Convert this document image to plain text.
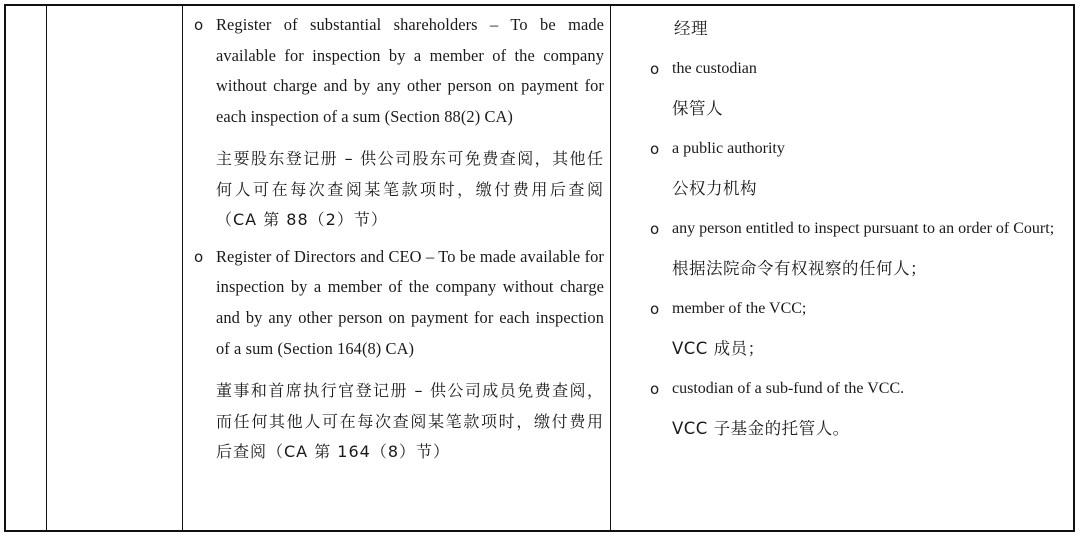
o Register of substantial shareholders – To be made available for inspection by a member of the company without charge and by any other person on payment for each inspection of a sum (Section 88(2) CA)
主要股东登记册 – 供公司股东可免费查阅，其他任何人可在每次查阅某笔款项时，缴付费用后查阅（CA 第 88（2）节）
o Register of Directors and CEO – To be made available for inspection by a member of the company without charge and by any other person on payment for each inspection of a sum (Section 164(8) CA)
董事和首席执行官登记册 – 供公司成员免费查阅，而任何其他人可在每次查阅某笔款项时，缴付费用后查阅（CA 第 164（8）节）
经理
o the custodian
保管人
o a public authority
公权力机构
o any person entitled to inspect pursuant to an order of Court;
根据法院命令有权视察的任何人；
o member of the VCC;
VCC 成员；
o custodian of a sub-fund of the VCC.
VCC 子基金的托管人。
